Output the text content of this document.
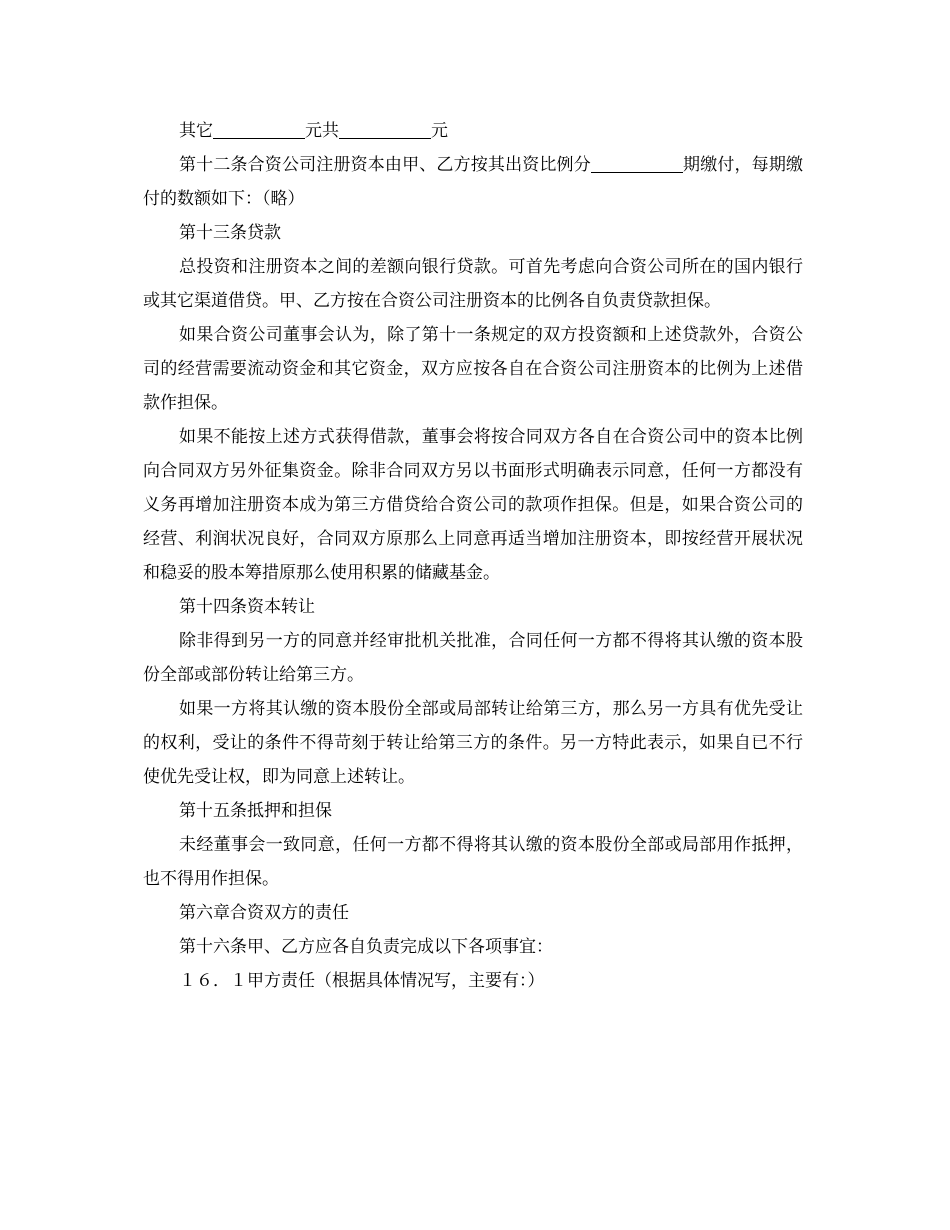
其它	元共	元

第十二条合资公司注册资本由甲、乙方按其出资比例分	期缴付，每期缴付的数额如下：（略）

第十三条贷款

总投资和注册资本之间的差额向银行贷款。可首先考虑向合资公司所在的国内银行或其它渠道借贷。甲、乙方按在合资公司注册资本的比例各自负责贷款担保。

如果合资公司董事会认为，除了第十一条规定的双方投资额和上述贷款外，合资公司的经营需要流动资金和其它资金，双方应按各自在合资公司注册资本的比例为上述借款作担保。

如果不能按上述方式获得借款，董事会将按合同双方各自在合资公司中的资本比例向合同双方另外征集资金。除非合同双方另以书面形式明确表示同意，任何一方都没有义务再增加注册资本成为第三方借贷给合资公司的款项作担保。但是，如果合资公司的经营、利润状况良好，合同双方原那么上同意再适当增加注册资本，即按经营开展状况和稳妥的股本筹措原那么使用积累的储藏基金。

第十四条资本转让

除非得到另一方的同意并经审批机关批准，合同任何一方都不得将其认缴的资本股份全部或部份转让给第三方。

如果一方将其认缴的资本股份全部或局部转让给第三方，那么另一方具有优先受让的权利，受让的条件不得苛刻于转让给第三方的条件。另一方特此表示，如果自已不行使优先受让权，即为同意上述转让。

第十五条抵押和担保

未经董事会一致同意，任何一方都不得将其认缴的资本股份全部或局部用作抵押，也不得用作担保。

第六章合资双方的责任

第十六条甲、乙方应各自负责完成以下各项事宜：

１６．１甲方责任（根据具体情况写，主要有：）
